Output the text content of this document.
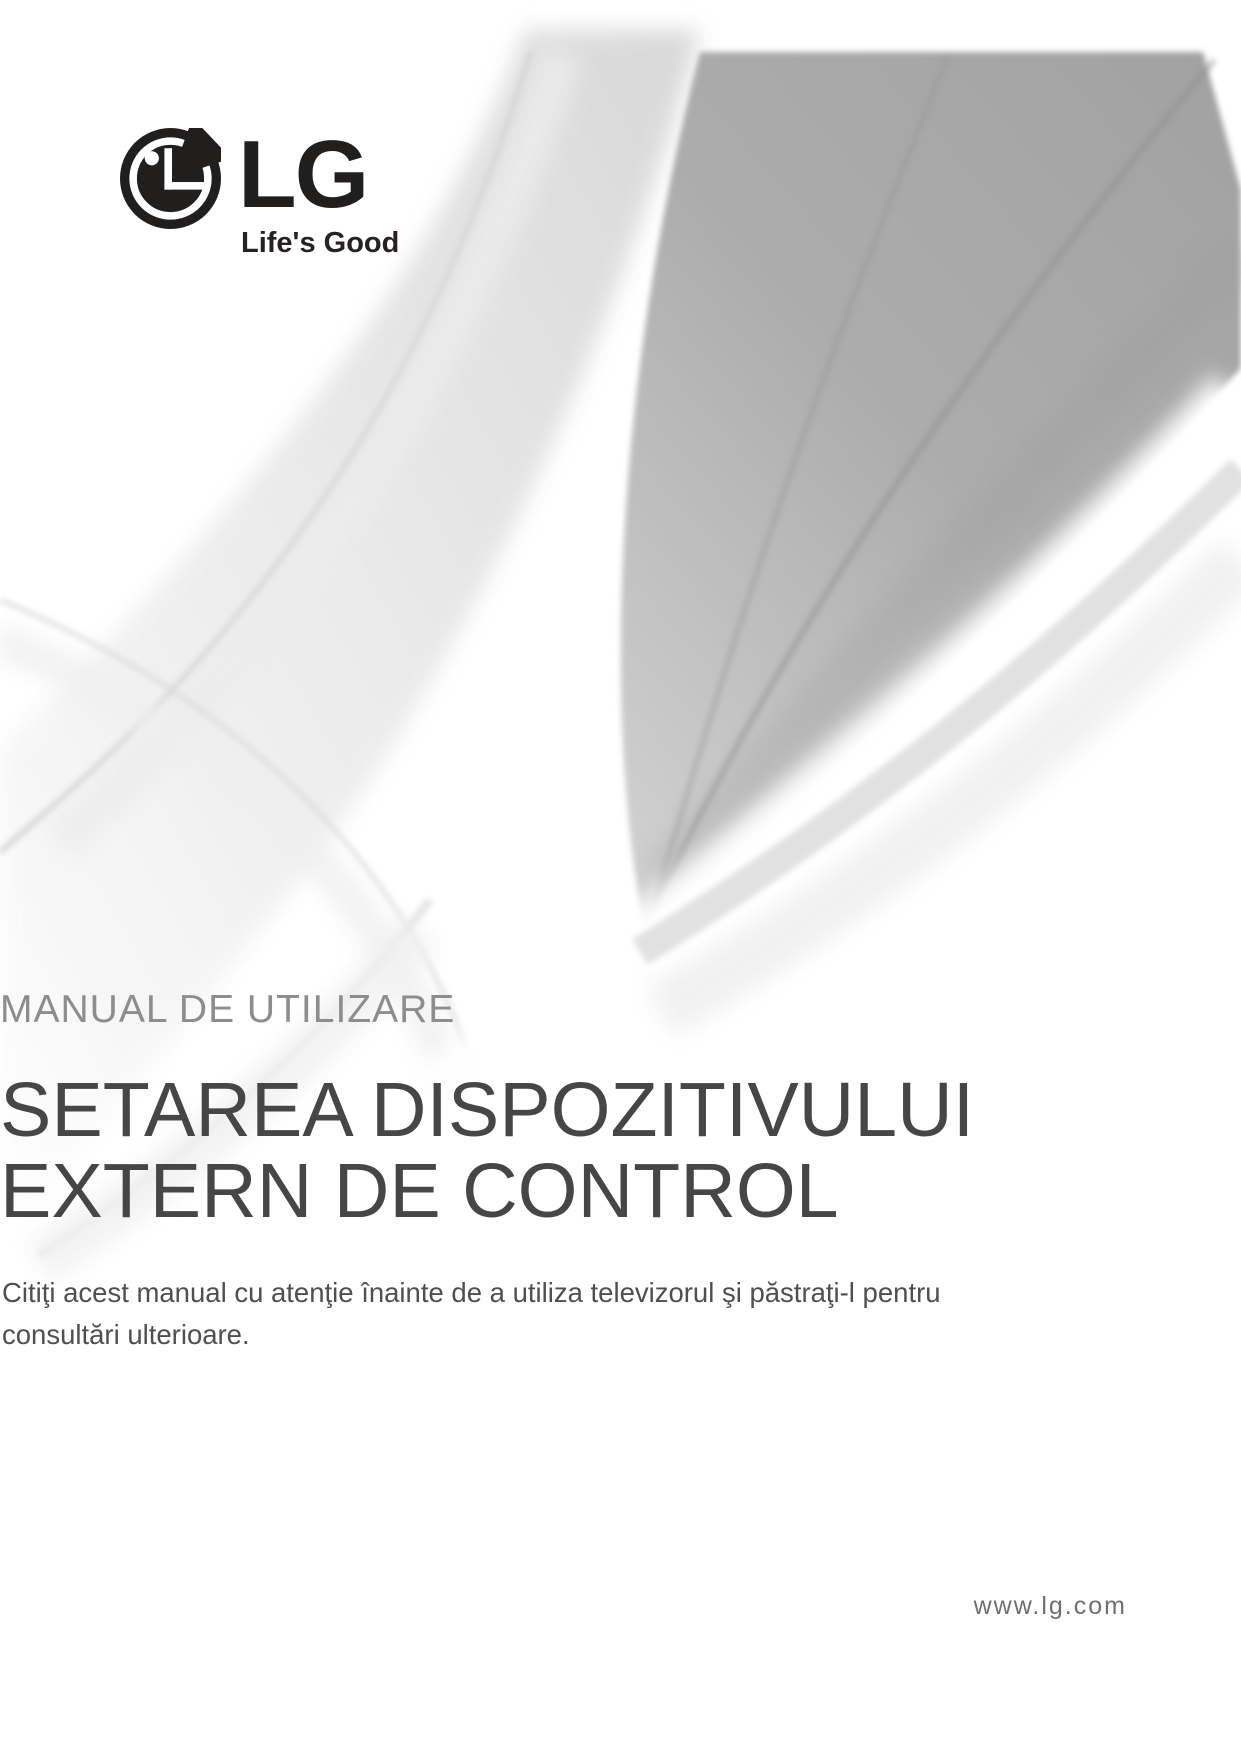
LG
Life's Good
MANUAL DE UTILIZARE
SETAREA DISPOZITIVULUI
EXTERN DE CONTROL
Citiţi acest manual cu atenţie înainte de a utiliza televizorul şi păstraţi-l pentru
consultări ulterioare.
www.lg.com
